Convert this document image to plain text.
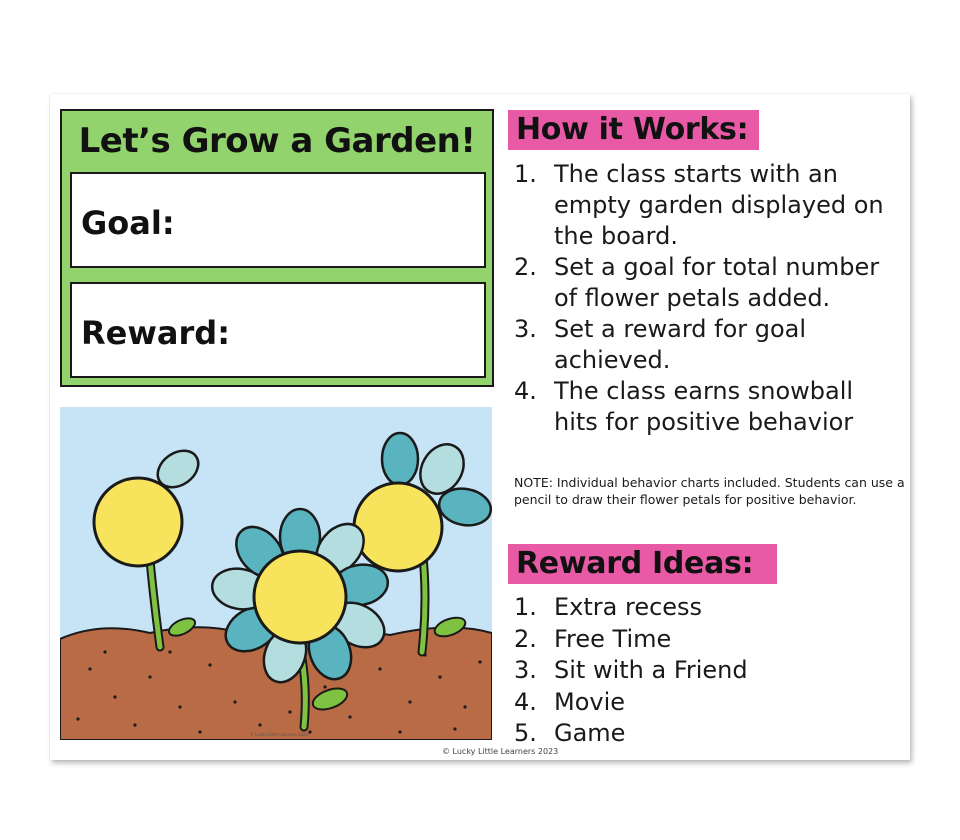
Let’s Grow a Garden!
Goal:
Reward:
© Lucky Little Learners 2023
How it Works:
1. The class starts with an empty garden displayed on the board.
2. Set a goal for total number of flower petals added.
3. Set a reward for goal achieved.
4. The class earns snowball hits for positive behavior
NOTE: Individual behavior charts included. Students can use a pencil to draw their flower petals for positive behavior.
Reward Ideas:
1. Extra recess
2. Free Time
3. Sit with a Friend
4. Movie
5. Game
© Lucky Little Learners 2023
